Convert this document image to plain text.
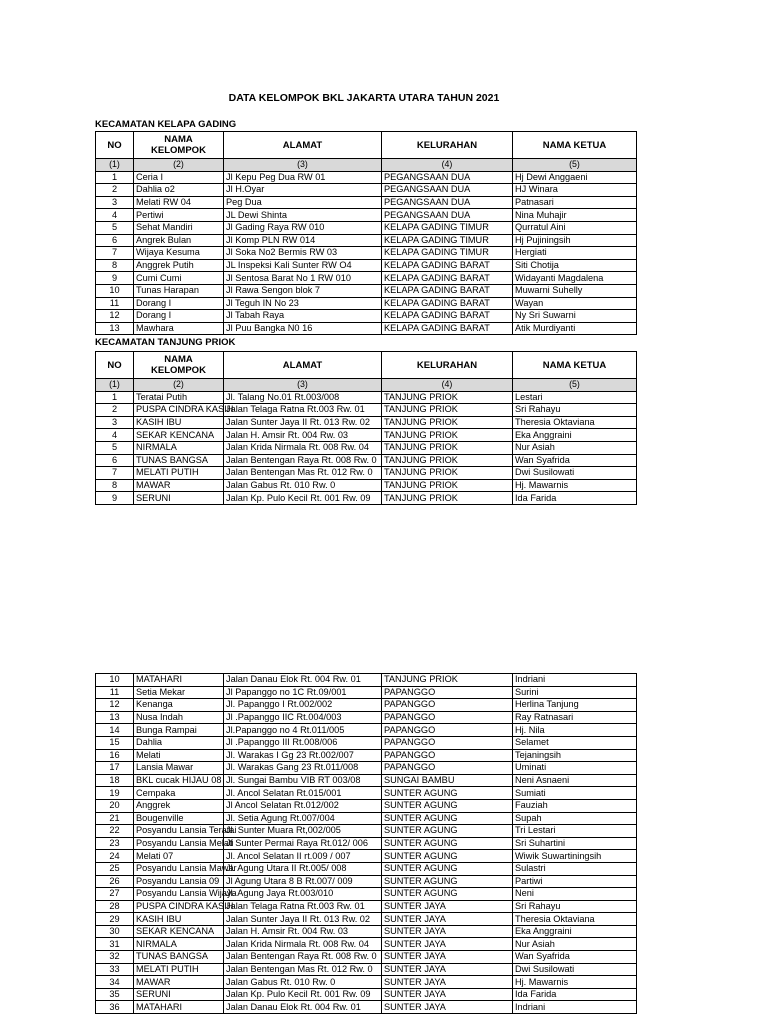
DATA KELOMPOK BKL JAKARTA UTARA TAHUN 2021
KECAMATAN KELAPA GADING
NO	NAMA KELOMPOK	ALAMAT	KELURAHAN	NAMA KETUA
(1)	(2)	(3)	(4)	(5)
1	Ceria I	Jl Kepu Peg Dua RW 01	PEGANGSAAN DUA	Hj Dewi Anggaeni
2	Dahlia o2	Jl H.Oyar	PEGANGSAAN DUA	HJ Winara
3	Melati RW 04	Peg Dua	PEGANGSAAN DUA	Patnasari
4	Pertiwi	JL Dewi Shinta	PEGANGSAAN DUA	Nina Muhajir
5	Sehat Mandiri	Jl Gading Raya RW 010	KELAPA GADING TIMUR	Qurratul Aini
6	Angrek Bulan	Jl Komp PLN RW 014	KELAPA GADING TIMUR	Hj Pujiningsih
7	Wijaya Kesuma	Jl Soka No2 Bermis RW 03	KELAPA GADING TIMUR	Hergiati
8	Anggrek Putih	JL Inspeksi Kali Sunter RW O4	KELAPA GADING BARAT	Siti Chotija
9	Cumi Cumi	Jl Sentosa Barat No 1 RW 010	KELAPA GADING BARAT	Widayanti Magdalena
10	Tunas Harapan	Jl Rawa Sengon blok 7	KELAPA GADING BARAT	Muwarni Suhelly
11	Dorang I	Jl Teguh IN No 23	KELAPA GADING BARAT	Wayan
12	Dorang I	Jl Tabah Raya	KELAPA GADING BARAT	Ny Sri Suwarni
13	Mawhara	Jl Puu Bangka N0 16	KELAPA GADING BARAT	Atik Murdiyanti
KECAMATAN TANJUNG PRIOK
NO	NAMA KELOMPOK	ALAMAT	KELURAHAN	NAMA KETUA
(1)	(2)	(3)	(4)	(5)
1	Teratai Putih	Jl. Talang No.01 Rt.003/008	TANJUNG PRIOK	Lestari
2	PUSPA CINDRA KASIH	Jalan Telaga Ratna Rt.003 Rw. 01	TANJUNG PRIOK	Sri Rahayu
3	KASIH IBU	Jalan Sunter Jaya II Rt. 013 Rw. 02	TANJUNG PRIOK	Theresia Oktaviana
4	SEKAR KENCANA	Jalan H. Amsir Rt. 004 Rw. 03	TANJUNG PRIOK	Eka Anggraini
5	NIRMALA	Jalan Krida Nirmala Rt. 008 Rw. 04	TANJUNG PRIOK	Nur Asiah
6	TUNAS BANGSA	Jalan Bentengan Raya Rt. 008 Rw. 0	TANJUNG PRIOK	Wan Syafrida
7	MELATI PUTIH	Jalan Bentengan Mas Rt. 012 Rw. 0	TANJUNG PRIOK	Dwi Susilowati
8	MAWAR	Jalan Gabus Rt. 010 Rw. 0	TANJUNG PRIOK	Hj. Mawarnis
9	SERUNI	Jalan Kp. Pulo Kecil Rt. 001 Rw. 09	TANJUNG PRIOK	Ida Farida
10	MATAHARI	Jalan Danau Elok Rt. 004 Rw. 01	TANJUNG PRIOK	Indriani
11	Setia Mekar	Jl Papanggo no 1C Rt.09/001	PAPANGGO	Surini
12	Kenanga	Jl. Papanggo I Rt.002/002	PAPANGGO	Herlina Tanjung
13	Nusa Indah	Jl .Papanggo IIC Rt.004/003	PAPANGGO	Ray Ratnasari
14	Bunga Rampai	Jl.Papanggo no 4 Rt.011/005	PAPANGGO	Hj. Nila
15	Dahlia	Jl .Papanggo III Rt.008/006	PAPANGGO	Selamet
16	Melati	Jl. Warakas I Gg 23 Rt.002/007	PAPANGGO	Tejaningsih
17	Lansia Mawar	Jl. Warakas Gang 23 Rt.011/008	PAPANGGO	Uminati
18	BKL cucak HIJAU 08	Jl. Sungai Bambu VIB RT 003/08	SUNGAI BAMBU	Neni Asnaeni
19	Cempaka	Jl. Ancol Selatan Rt.015/001	SUNTER AGUNG	Sumiati
20	Anggrek	Jl Ancol Selatan Rt.012/002	SUNTER AGUNG	Fauziah
21	Bougenville	Jl. Setia Agung Rt.007/004	SUNTER AGUNG	Supah
22	Posyandu Lansia Teratai	Jl. Sunter Muara Rt,002/005	SUNTER AGUNG	Tri Lestari
23	Posyandu Lansia Melati	Jl Sunter Permai Raya Rt.012/ 006	SUNTER AGUNG	Sri Suhartini
24	Melati 07	Jl. Ancol Selatan II rt.009 / 007	SUNTER AGUNG	Wiwik Suwartiningsih
25	Posyandu Lansia Mawar	Jl. Agung Utara II Rt.005/ 008	SUNTER AGUNG	Sulastri
26	Posyandu Lansia 09	Jl Agung Utara 8 B Rt.007/ 009	SUNTER AGUNG	Partiwi
27	Posyandu Lansia Wijaya	Jl. Agung Jaya Rt.003/010	SUNTER AGUNG	Neni
28	PUSPA CINDRA KASIH	Jalan Telaga Ratna Rt.003 Rw. 01	SUNTER JAYA	Sri Rahayu
29	KASIH IBU	Jalan Sunter Jaya II Rt. 013 Rw. 02	SUNTER JAYA	Theresia Oktaviana
30	SEKAR KENCANA	Jalan H. Amsir Rt. 004 Rw. 03	SUNTER JAYA	Eka Anggraini
31	NIRMALA	Jalan Krida Nirmala Rt. 008 Rw. 04	SUNTER JAYA	Nur Asiah
32	TUNAS BANGSA	Jalan Bentengan Raya Rt. 008 Rw. 0	SUNTER JAYA	Wan Syafrida
33	MELATI PUTIH	Jalan Bentengan Mas Rt. 012 Rw. 0	SUNTER JAYA	Dwi Susilowati
34	MAWAR	Jalan Gabus Rt. 010 Rw. 0	SUNTER JAYA	Hj. Mawarnis
35	SERUNI	Jalan Kp. Pulo Kecil Rt. 001 Rw. 09	SUNTER JAYA	Ida Farida
36	MATAHARI	Jalan Danau Elok Rt. 004 Rw. 01	SUNTER JAYA	Indriani
